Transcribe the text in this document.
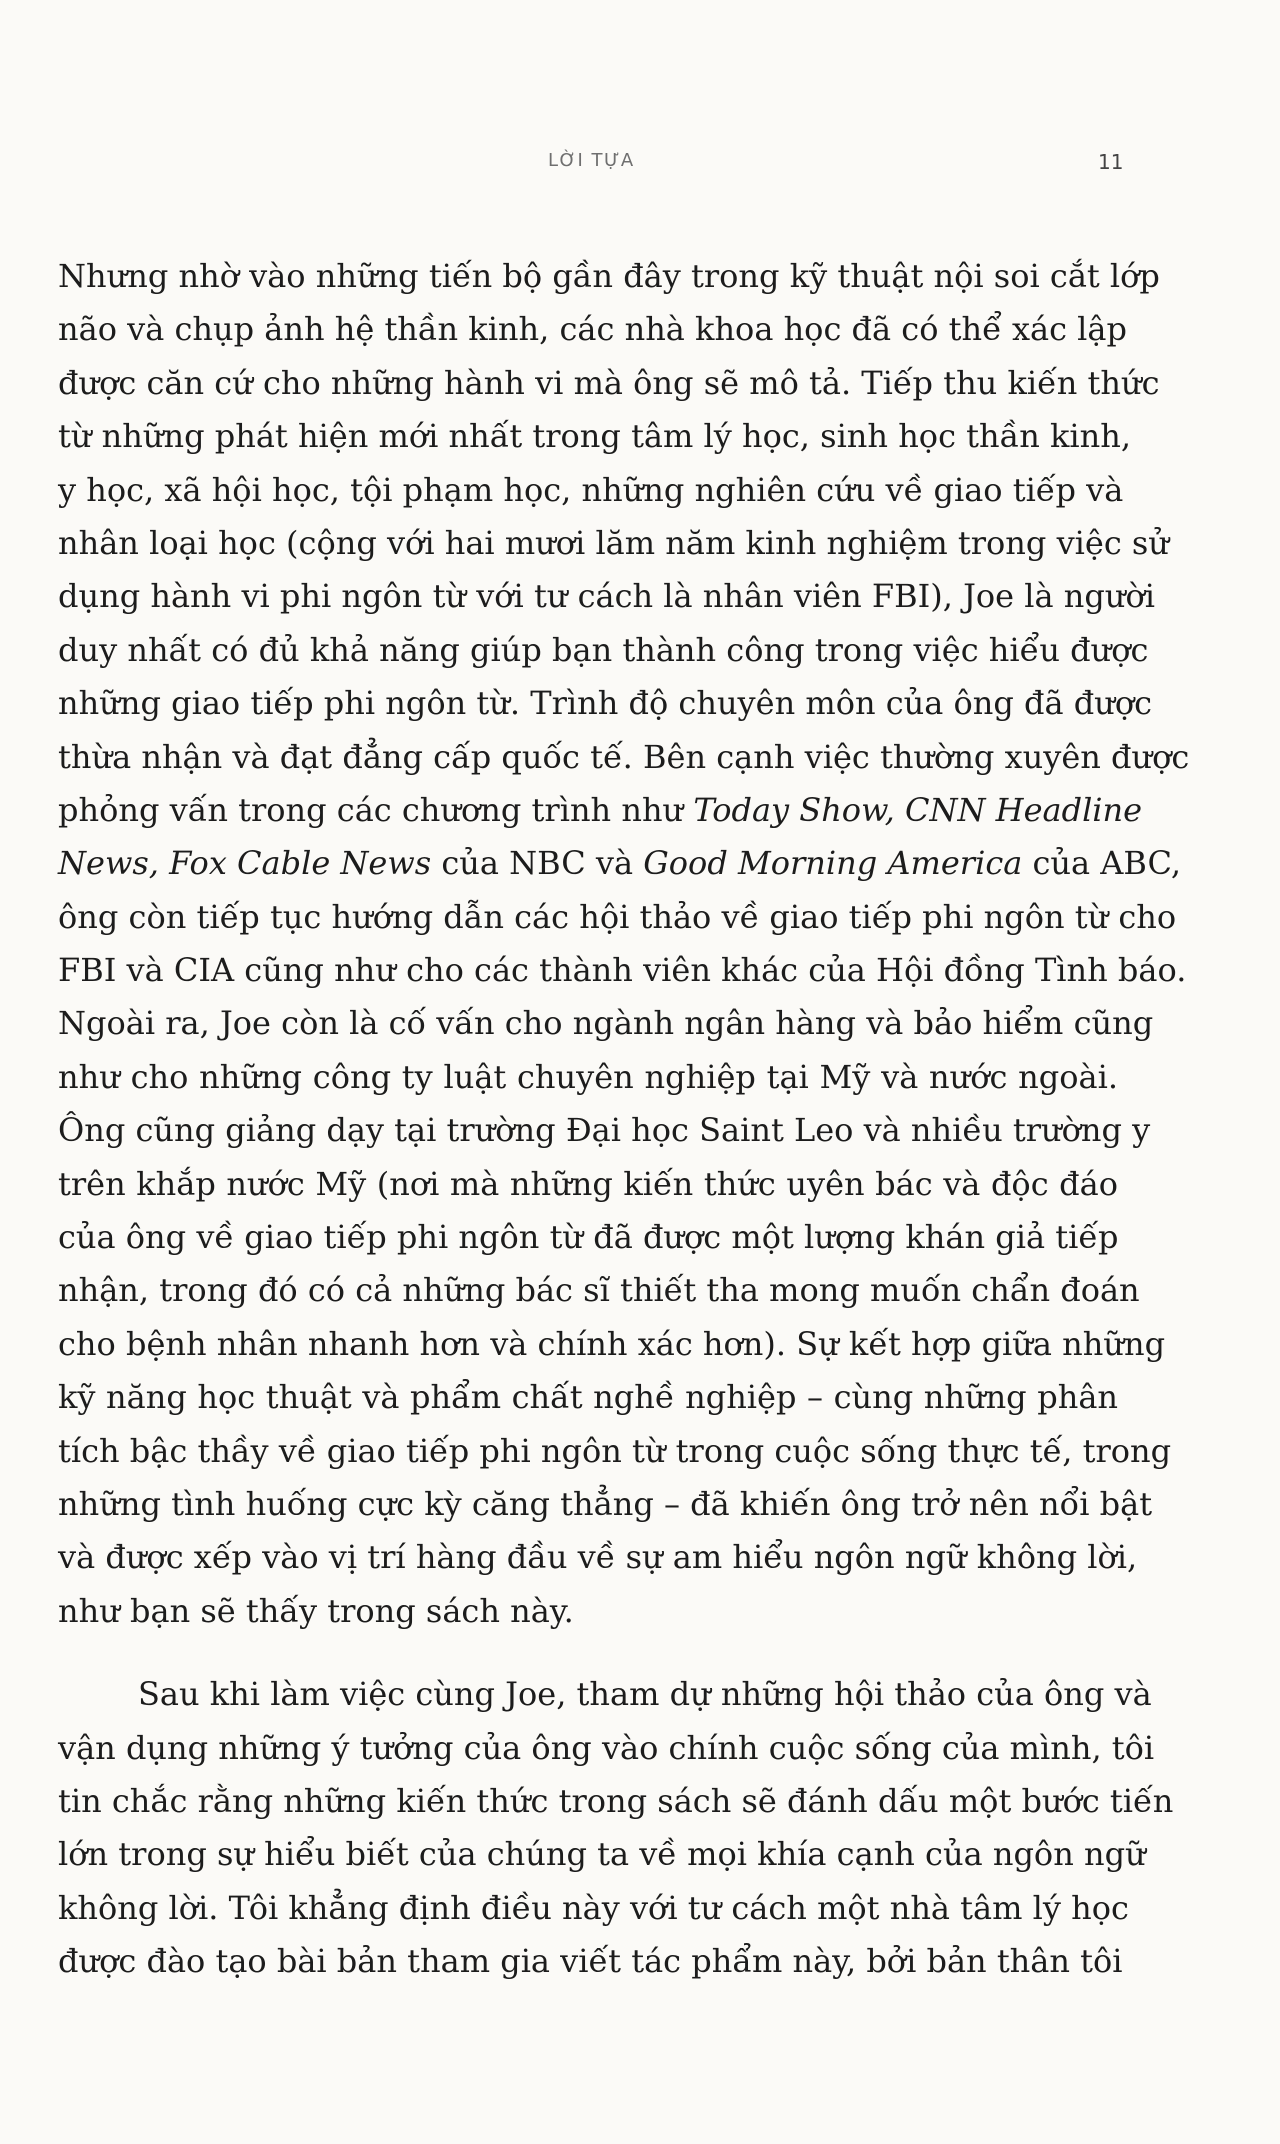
LỜI TỰA	11
Nhưng nhờ vào những tiến bộ gần đây trong kỹ thuật nội soi cắt lớp
não và chụp ảnh hệ thần kinh, các nhà khoa học đã có thể xác lập
được căn cứ cho những hành vi mà ông sẽ mô tả. Tiếp thu kiến thức
từ những phát hiện mới nhất trong tâm lý học, sinh học thần kinh,
y học, xã hội học, tội phạm học, những nghiên cứu về giao tiếp và
nhân loại học (cộng với hai mươi lăm năm kinh nghiệm trong việc sử
dụng hành vi phi ngôn từ với tư cách là nhân viên FBI), Joe là người
duy nhất có đủ khả năng giúp bạn thành công trong việc hiểu được
những giao tiếp phi ngôn từ. Trình độ chuyên môn của ông đã được
thừa nhận và đạt đẳng cấp quốc tế. Bên cạnh việc thường xuyên được
phỏng vấn trong các chương trình như Today Show, CNN Headline
News, Fox Cable News của NBC và Good Morning America của ABC,
ông còn tiếp tục hướng dẫn các hội thảo về giao tiếp phi ngôn từ cho
FBI và CIA cũng như cho các thành viên khác của Hội đồng Tình báo.
Ngoài ra, Joe còn là cố vấn cho ngành ngân hàng và bảo hiểm cũng
như cho những công ty luật chuyên nghiệp tại Mỹ và nước ngoài.
Ông cũng giảng dạy tại trường Đại học Saint Leo và nhiều trường y
trên khắp nước Mỹ (nơi mà những kiến thức uyên bác và độc đáo
của ông về giao tiếp phi ngôn từ đã được một lượng khán giả tiếp
nhận, trong đó có cả những bác sĩ thiết tha mong muốn chẩn đoán
cho bệnh nhân nhanh hơn và chính xác hơn). Sự kết hợp giữa những
kỹ năng học thuật và phẩm chất nghề nghiệp – cùng những phân
tích bậc thầy về giao tiếp phi ngôn từ trong cuộc sống thực tế, trong
những tình huống cực kỳ căng thẳng – đã khiến ông trở nên nổi bật
và được xếp vào vị trí hàng đầu về sự am hiểu ngôn ngữ không lời,
như bạn sẽ thấy trong sách này.
Sau khi làm việc cùng Joe, tham dự những hội thảo của ông và
vận dụng những ý tưởng của ông vào chính cuộc sống của mình, tôi
tin chắc rằng những kiến thức trong sách sẽ đánh dấu một bước tiến
lớn trong sự hiểu biết của chúng ta về mọi khía cạnh của ngôn ngữ
không lời. Tôi khẳng định điều này với tư cách một nhà tâm lý học
được đào tạo bài bản tham gia viết tác phẩm này, bởi bản thân tôi
